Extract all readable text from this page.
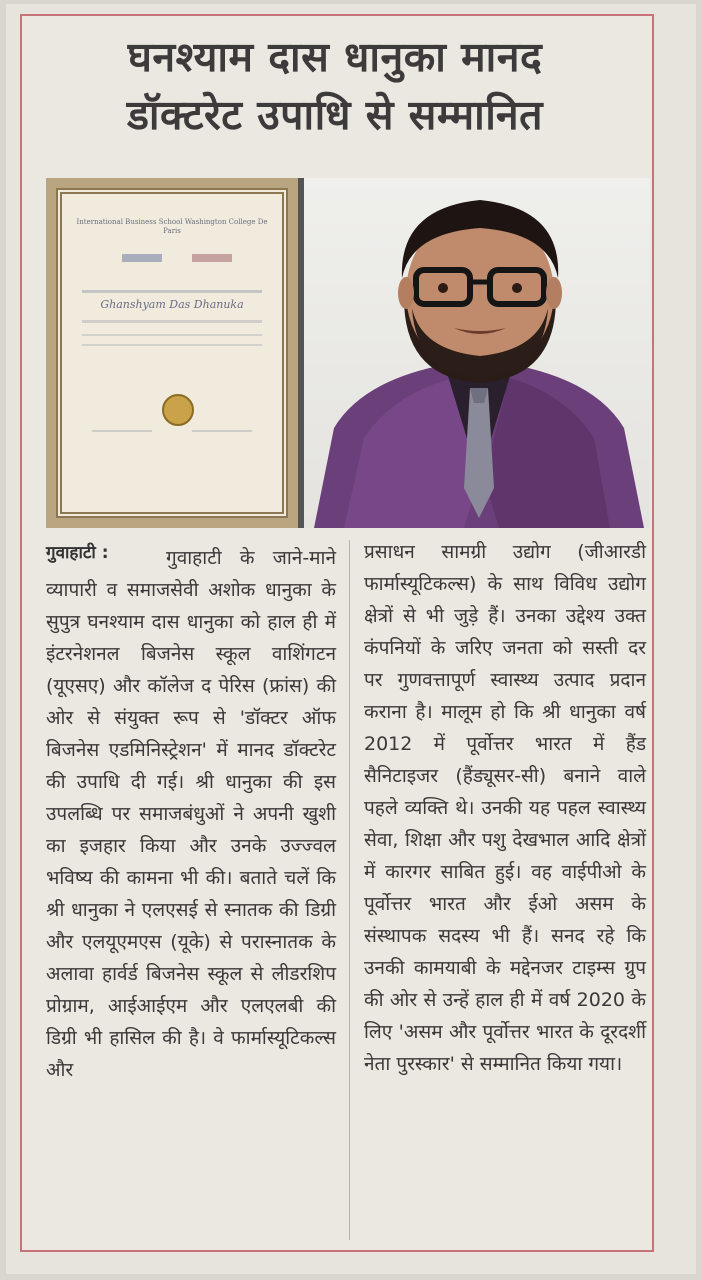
घनश्याम दास धानुका मानद
डॉक्टरेट उपाधि से सम्मानित
International Business School Washington College De Paris
Ghanshyam Das Dhanuka
गुवाहाटी :	गुवाहाटी के जाने-माने व्यापारी व समाजसेवी अशोक धानुका के सुपुत्र घनश्याम दास धानुका को हाल ही में इंटरनेशनल बिजनेस स्कूल वाशिंगटन (यूएसए) और कॉलेज द पेरिस (फ्रांस) की ओर से संयुक्त रूप से 'डॉक्टर ऑफ बिजनेस एडमिनिस्ट्रेशन' में मानद डॉक्टरेट की उपाधि दी गई। श्री धानुका की इस उपलब्धि पर समाजबंधुओं ने अपनी खुशी का इजहार किया और उनके उज्ज्वल भविष्य की कामना भी की। बताते चलें कि श्री धानुका ने एलएसई से स्नातक की डिग्री और एलयूएमएस (यूके) से परास्नातक के अलावा हार्वर्ड बिजनेस स्कूल से लीडरशिप प्रोग्राम, आईआईएम और एलएलबी की डिग्री भी हासिल की है। वे फार्मास्यूटिकल्स और

प्रसाधन सामग्री उद्योग (जीआरडी फार्मास्यूटिकल्स) के साथ विविध उद्योग क्षेत्रों से भी जुड़े हैं। उनका उद्देश्य उक्त कंपनियों के जरिए जनता को सस्ती दर पर गुणवत्तापूर्ण स्वास्थ्य उत्पाद प्रदान कराना है। मालूम हो कि श्री धानुका वर्ष 2012 में पूर्वोत्तर भारत में हैंड सैनिटाइजर (हैंड्यूसर-सी) बनाने वाले पहले व्यक्ति थे। उनकी यह पहल स्वास्थ्य सेवा, शिक्षा और पशु देखभाल आदि क्षेत्रों में कारगर साबित हुई। वह वाईपीओ के पूर्वोत्तर भारत और ईओ असम के संस्थापक सदस्य भी हैं। सनद रहे कि उनकी कामयाबी के मद्देनजर टाइम्स ग्रुप की ओर से उन्हें हाल ही में वर्ष 2020 के लिए 'असम और पूर्वोत्तर भारत के दूरदर्शी नेता पुरस्कार' से सम्मानित किया गया।
